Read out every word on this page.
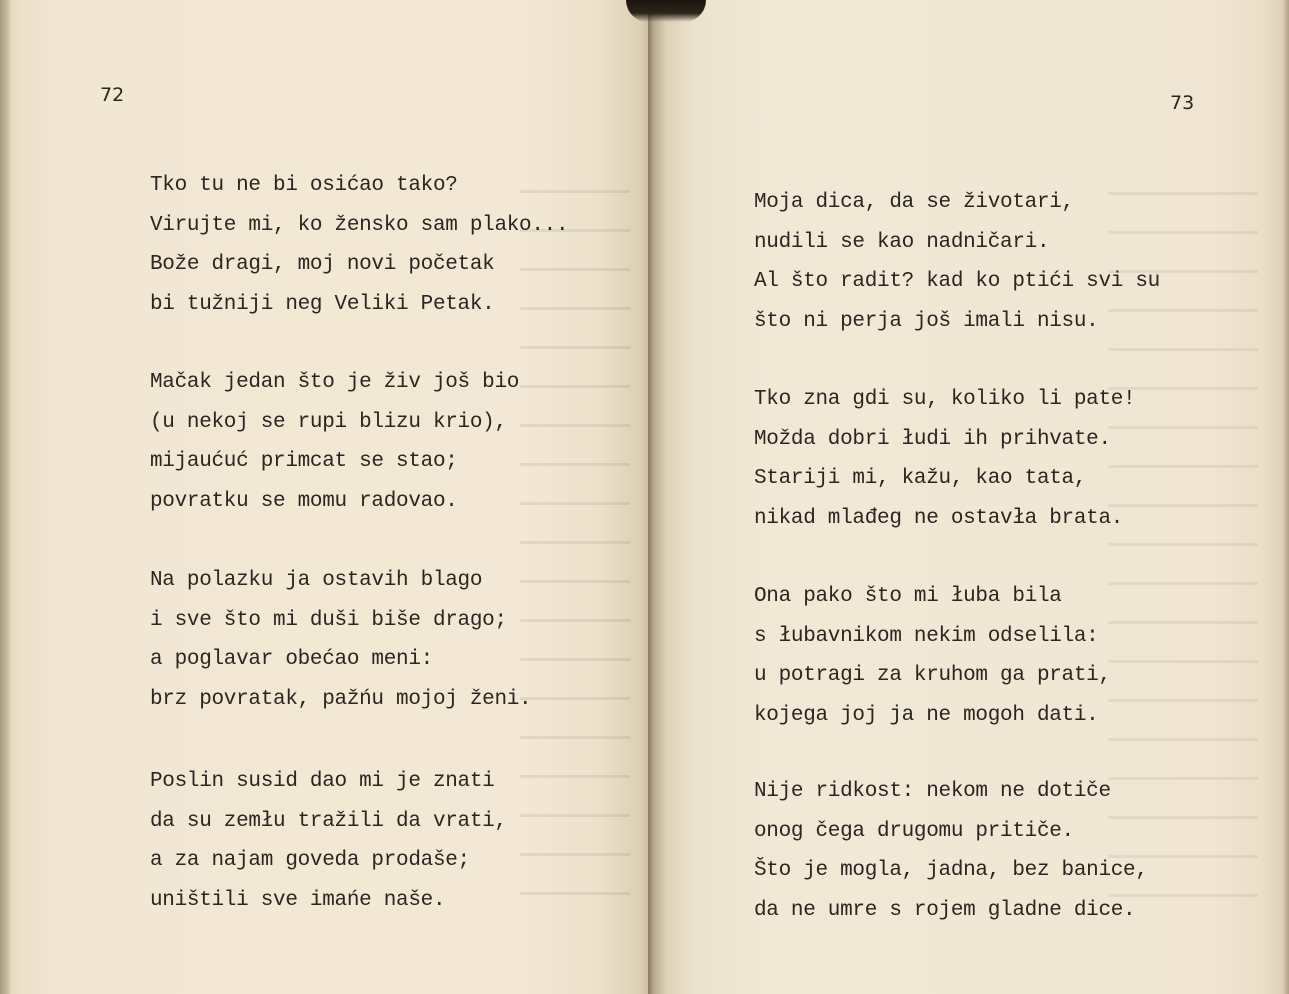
72
Tko tu ne bi osićao tako?
Virujte mi, ko žensko sam plako...
Bože dragi, moj novi početak
bi tužniji neg Veliki Petak.
Mačak jedan što je živ još bio
(u nekoj se rupi blizu krio),
mijaućuć primcat se stao;
povratku se momu radovao.
Na polazku ja ostavih blago
i sve što mi duši biše drago;
a poglavar obećao meni:
brz povratak, pažńu mojoj ženi.
Poslin susid dao mi je znati
da su zemłu tražili da vrati,
a za najam goveda prodaše;
uništili sve imańe naše.
73
Moja dica, da se životari,
nudili se kao nadničari.
Al što radit? kad ko ptići svi su
što ni perja još imali nisu.
Tko zna gdi su, koliko li pate!
Možda dobri łudi ih prihvate.
Stariji mi, kažu, kao tata,
nikad mlađeg ne ostavła brata.
Ona pako što mi łuba bila
s łubavnikom nekim odselila:
u potragi za kruhom ga prati,
kojega joj ja ne mogoh dati.
Nije ridkost: nekom ne dotiče
onog čega drugomu pritiče.
Što je mogla, jadna, bez banice,
da ne umre s rojem gladne dice.
